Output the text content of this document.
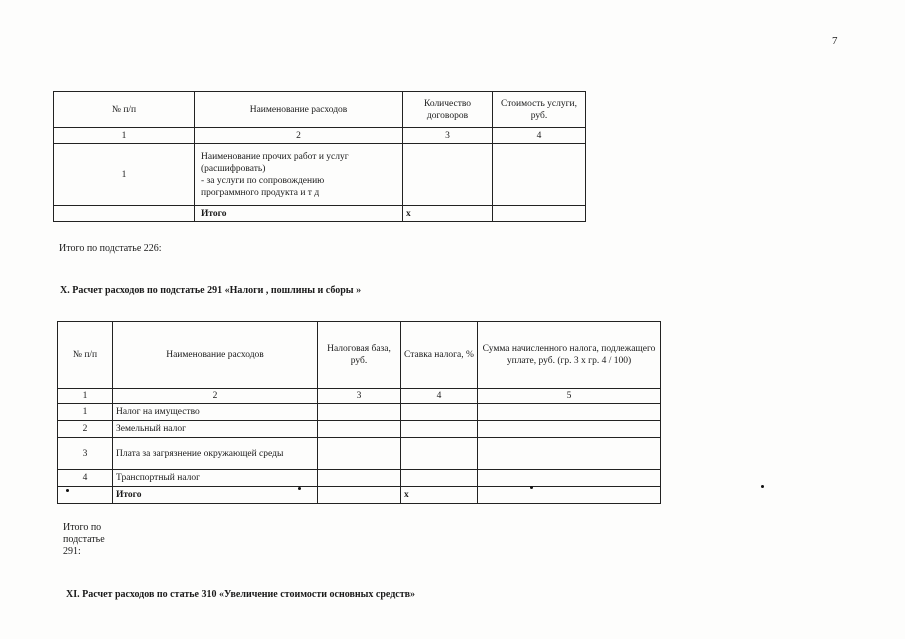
7
№ п/п	Наименование расходов	Количество договоров	Стоимость услуги, руб.
1	2	3	4
1	Наименование прочих работ и услуг
(расшифровать)
- за услуги по сопровождению
программного продукта и т д		

	Итого	x	
Итого по подстатье 226:
X. Расчет расходов по подстатье 291 «Налоги , пошлины и сборы »
№ п/п	Наименование расходов	Налоговая база, руб.	Ставка налога, %	Сумма начисленного налога, подлежащего уплате, руб. (гр. 3 х гр. 4 / 100)
1	2	3	4	5
1	Налог на имущество			
2	Земельный налог			
3	Плата за загрязнение окружающей среды			
4	Транспортный налог			
	Итого		x	
Итого по
подстатье
291:
XI. Расчет расходов по статье 310 «Увеличение стоимости основных средств»
